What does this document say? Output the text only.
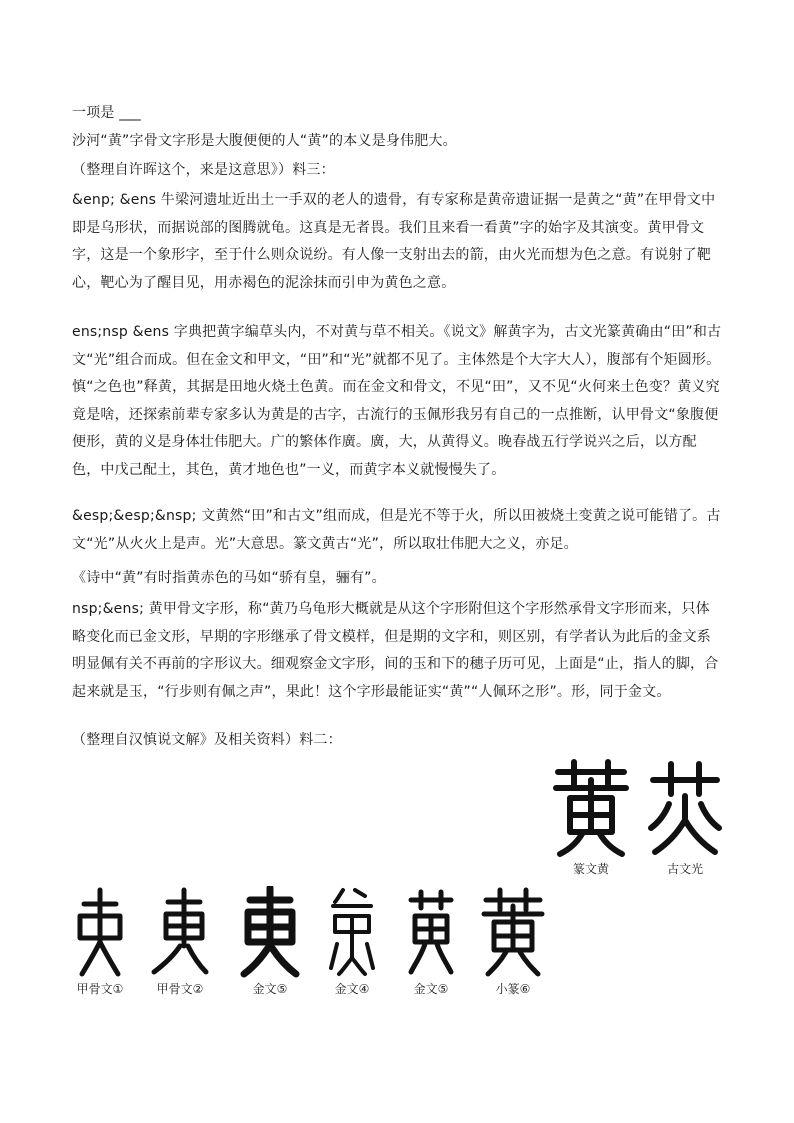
一项是 ___

沙河“黄”字骨文字形是大腹便便的人“黄”的本义是身伟肥大。

（整理自许晖这个，来是这意思》）料三：

&enp; &ens 牛梁河遗址近出土一手双的老人的遗骨，有专家称是黄帝遗证据一是黄之“黄”在甲骨文中即是乌形状，而据说部的图腾就龟。这真是无者畏。我们且来看一看黄”字的始字及其演变。黄甲骨文字，这是一个象形字，至于什么则众说纷。有人像一支射出去的箭，由火光而想为色之意。有说射了靶心，靶心为了醒目见，用赤褐色的泥涂抹而引申为黄色之意。

ens;nsp &ens 字典把黄字编草头内，不对黄与草不相关。《说文》解黄字为，古文光篆黄确由“田”和古文“光”组合而成。但在金文和甲文，“田”和“光”就都不见了。主体然是个大字大人），腹部有个矩圆形。慎“之色也”释黄，其据是田地火烧土色黄。而在金文和骨文，不见“田”，又不见“火何来土色变？黄义究竟是啥，还探索前辈专家多认为黄是的古字，古流行的玉佩形我另有自己的一点推断，认甲骨文“象腹便便形，黄的义是身体壮伟肥大。广的繁体作廣。廣，大，从黄得义。晚春战五行学说兴之后，以方配色，中戊己配土，其色，黄才地色也”一义，而黄字本义就慢慢失了。

&esp;&esp;&nsp; 文黄然“田”和古文”组而成，但是光不等于火，所以田被烧土变黄之说可能错了。古文“光”从火火上是声。光”大意思。篆文黄古“光”，所以取壮伟肥大之义，亦足。

《诗中“黄”有时指黄赤色的马如“骄有皇，骊有”。

nsp;&ens; 黄甲骨文字形，称“黄乃乌龟形大概就是从这个字形附但这个字形然承骨文字形而来，只体略变化而已金文形，早期的字形继承了骨文模样，但是期的文字和，则区别，有学者认为此后的金文系明显佩有关不再前的字形议大。细观察金文字形，间的玉和下的穗子历可见，上面是“止，指人的脚，合起来就是玉，“行步则有佩之声”，果此！这个字形最能证实“黄”“人佩环之形”。形，同于金文。

（整理自汉慎说文解》及相关资料）料二：

篆文黄
	古文光
甲骨文①	甲骨文②	金文⑤	金文④	金文⑤	小篆⑥
